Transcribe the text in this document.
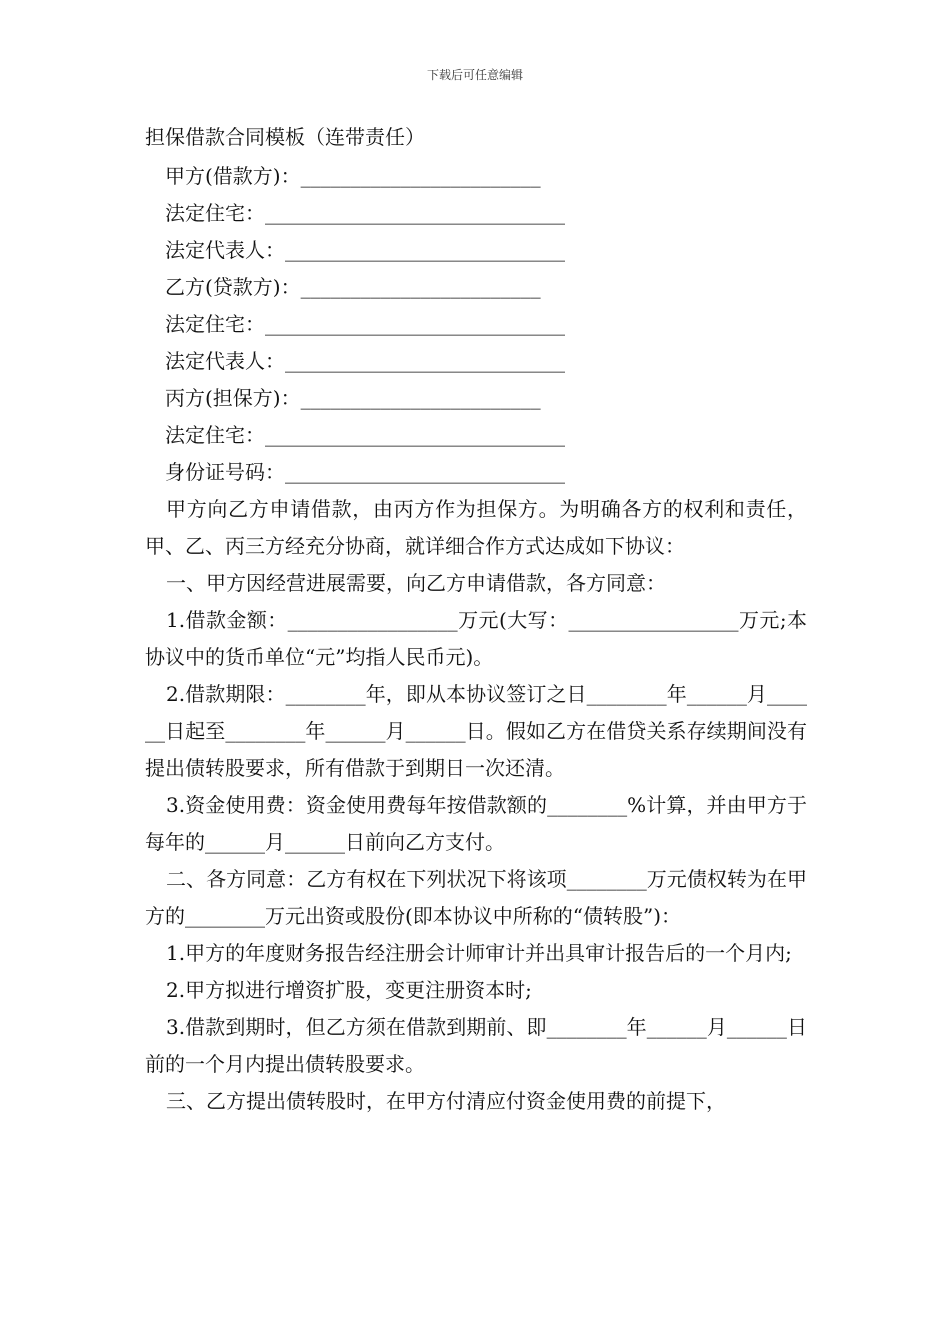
下载后可任意编辑
担保借款合同模板（连带责任）
甲方(借款方)：________________________
法定住宅：______________________________
法定代表人：____________________________
乙方(贷款方)：________________________
法定住宅：______________________________
法定代表人：____________________________
丙方(担保方)：________________________
法定住宅：______________________________
身份证号码：____________________________

甲方向乙方申请借款，由丙方作为担保方。为明确各方的权利和责任，甲、乙、丙三方经充分协商，就详细合作方式达成如下协议：

一、甲方因经营进展需要，向乙方申请借款，各方同意：

1.借款金额：_________________万元(大写：_________________万元;本协议中的货币单位“元”均指人民币元)。

2.借款期限：________年，即从本协议签订之日________年______月______日起至________年______月______日。假如乙方在借贷关系存续期间没有提出债转股要求，所有借款于到期日一次还清。

3.资金使用费：资金使用费每年按借款额的________%计算，并由甲方于每年的______月______日前向乙方支付。

二、各方同意：乙方有权在下列状况下将该项________万元债权转为在甲方的________万元出资或股份(即本协议中所称的“债转股”)：

1.甲方的年度财务报告经注册会计师审计并出具审计报告后的一个月内;

2.甲方拟进行增资扩股，变更注册资本时;

3.借款到期时，但乙方须在借款到期前、即________年______月______日前的一个月内提出债转股要求。

三、乙方提出债转股时，在甲方付清应付资金使用费的前提下，
